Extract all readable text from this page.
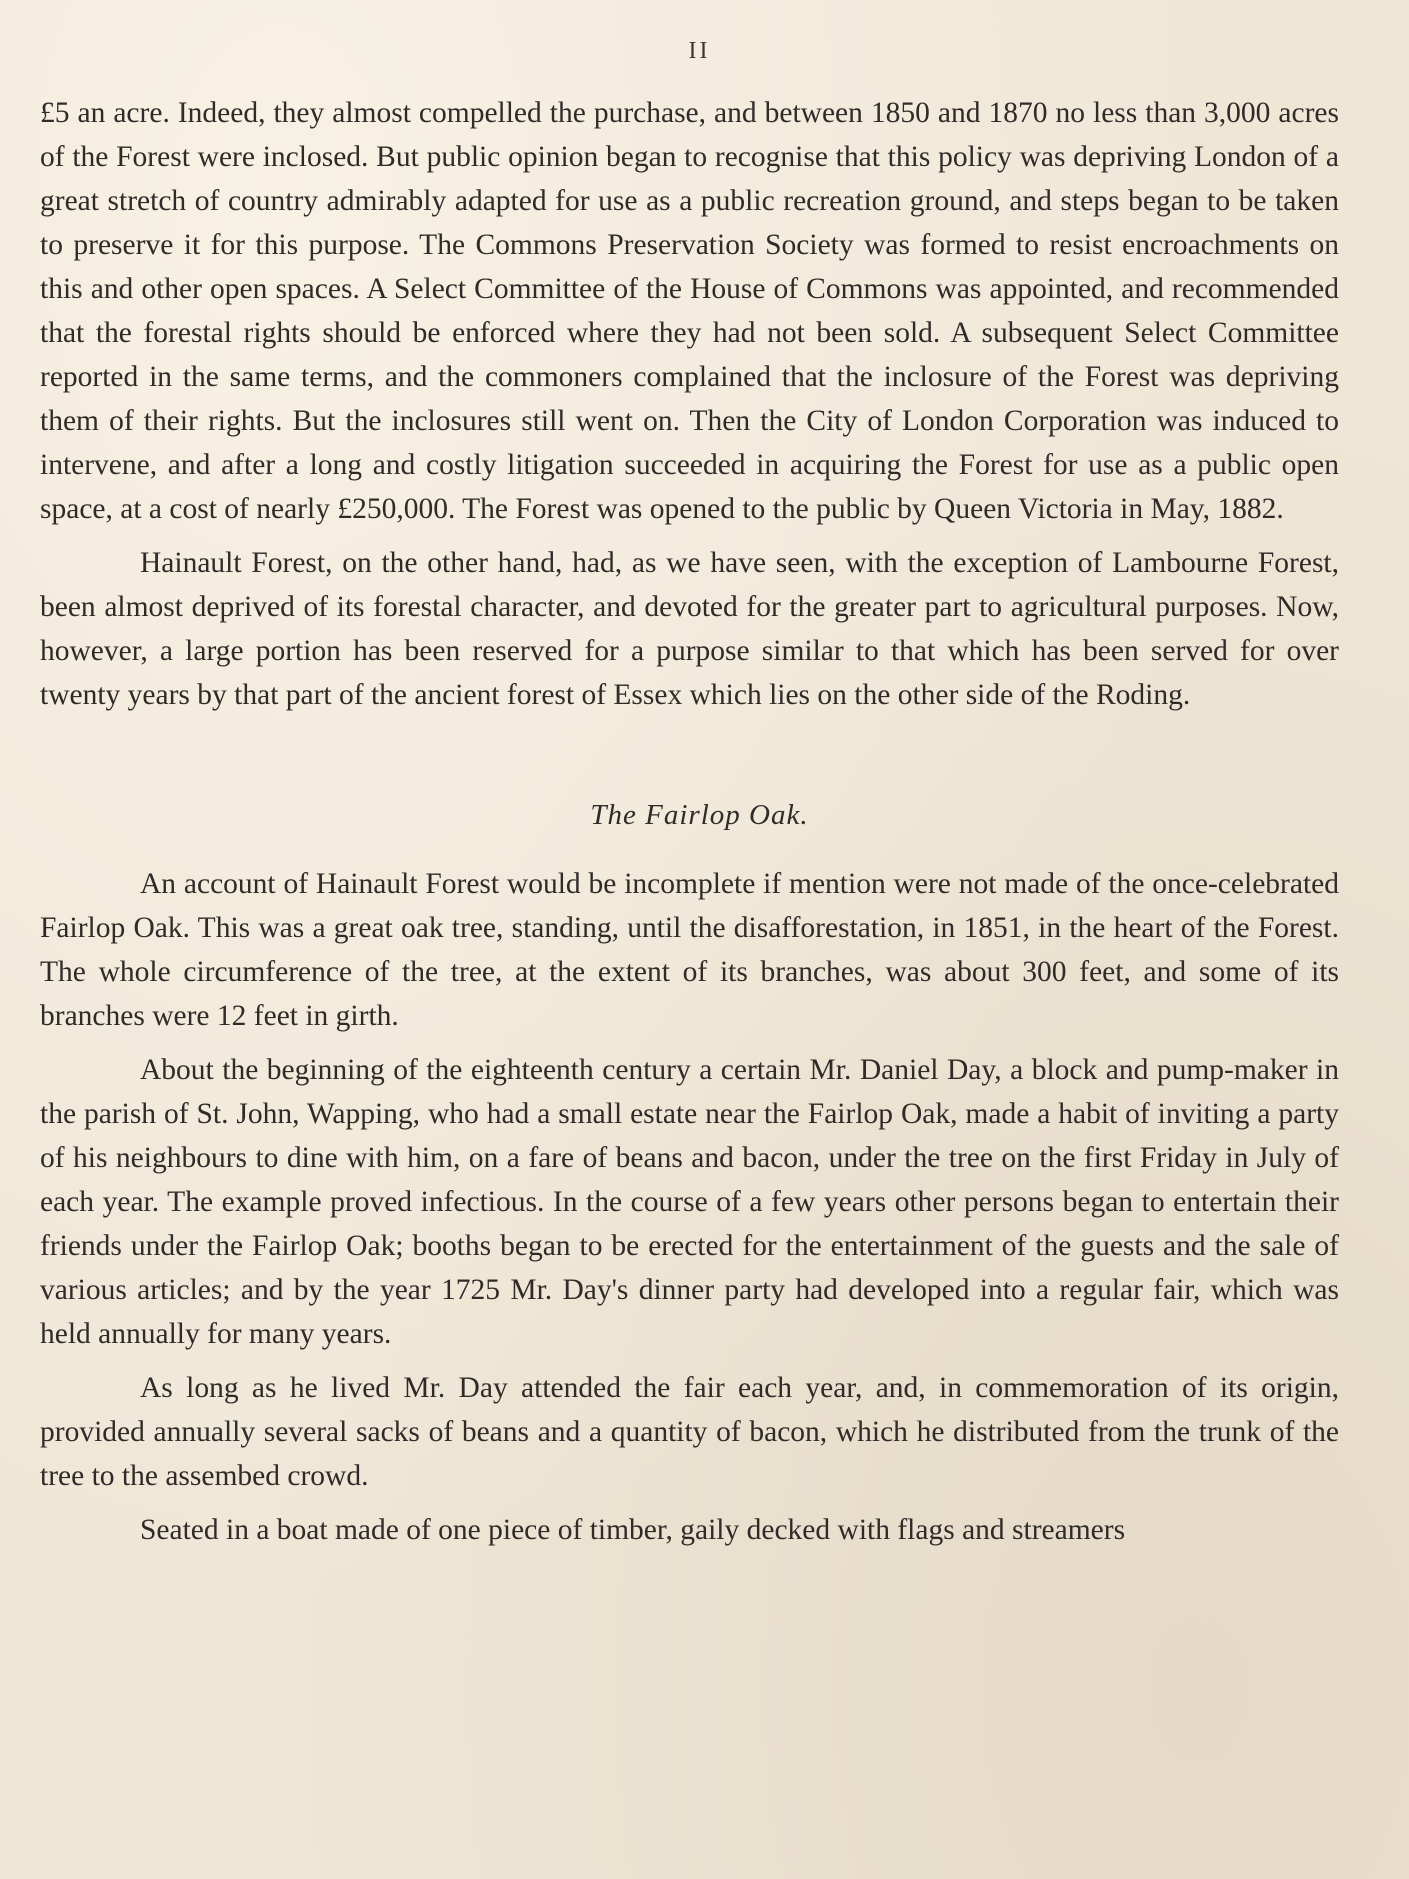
II

£5 an acre. Indeed, they almost compelled the purchase, and between 1850 and 1870 no less than 3,000 acres of the Forest were inclosed. But public opinion began to recognise that this policy was depriving London of a great stretch of country admirably adapted for use as a public recreation ground, and steps began to be taken to preserve it for this purpose. The Commons Preservation Society was formed to resist encroachments on this and other open spaces. A Select Committee of the House of Commons was appointed, and recommended that the forestal rights should be enforced where they had not been sold. A subsequent Select Committee reported in the same terms, and the commoners complained that the inclosure of the Forest was depriving them of their rights. But the inclosures still went on. Then the City of London Corporation was induced to intervene, and after a long and costly litigation succeeded in acquiring the Forest for use as a public open space, at a cost of nearly £250,000. The Forest was opened to the public by Queen Victoria in May, 1882.

Hainault Forest, on the other hand, had, as we have seen, with the exception of Lambourne Forest, been almost deprived of its forestal character, and devoted for the greater part to agricultural purposes. Now, however, a large portion has been reserved for a purpose similar to that which has been served for over twenty years by that part of the ancient forest of Essex which lies on the other side of the Roding.

The Fairlop Oak.

An account of Hainault Forest would be incomplete if mention were not made of the once-celebrated Fairlop Oak. This was a great oak tree, standing, until the disafforestation, in 1851, in the heart of the Forest. The whole circumference of the tree, at the extent of its branches, was about 300 feet, and some of its branches were 12 feet in girth.

About the beginning of the eighteenth century a certain Mr. Daniel Day, a block and pump-maker in the parish of St. John, Wapping, who had a small estate near the Fairlop Oak, made a habit of inviting a party of his neighbours to dine with him, on a fare of beans and bacon, under the tree on the first Friday in July of each year. The example proved infectious. In the course of a few years other persons began to entertain their friends under the Fairlop Oak; booths began to be erected for the entertainment of the guests and the sale of various articles; and by the year 1725 Mr. Day's dinner party had developed into a regular fair, which was held annually for many years.

As long as he lived Mr. Day attended the fair each year, and, in commemoration of its origin, provided annually several sacks of beans and a quantity of bacon, which he distributed from the trunk of the tree to the assembed crowd.

Seated in a boat made of one piece of timber, gaily decked with flags and streamers
